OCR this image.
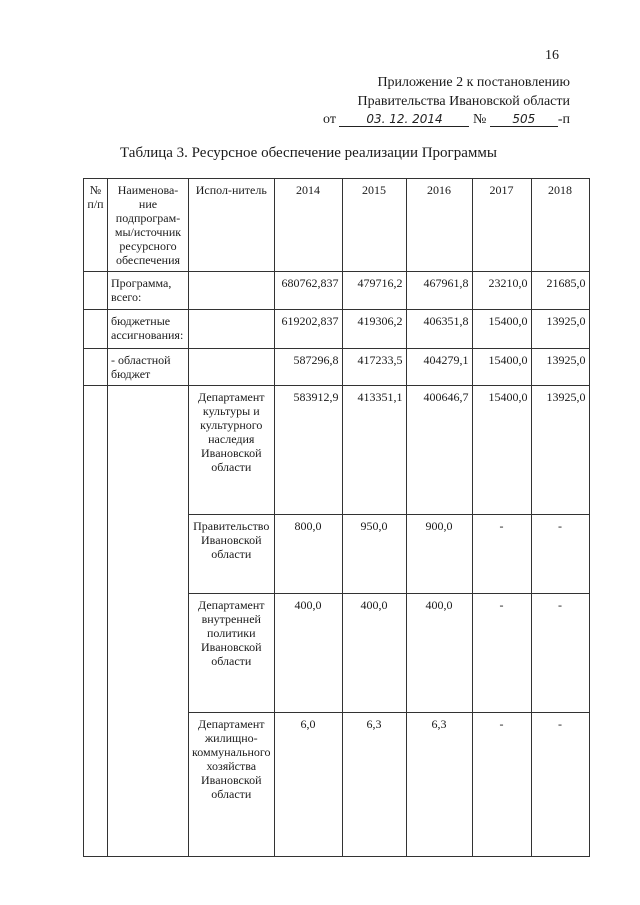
16
Приложение 2 к постановлению
Правительства Ивановской области
от	03. 12. 2014 № 505 -п
Таблица 3. Ресурсное обеспечение реализации Программы
№ п/п	Наименова-ние подпрограм-мы/источник ресурсного обеспечения	Испол-нитель	2014	2015	2016	2017	2018
	Программа, всего:		680762,837	479716,2	467961,8	23210,0	21685,0
	бюджетные ассигнования:		619202,837	419306,2	406351,8	15400,0	13925,0
	- областной бюджет		587296,8	417233,5	404279,1	15400,0	13925,0
		Департамент культуры и культурного наследия Ивановской области	583912,9	413351,1	400646,7	15400,0	13925,0
		Правительство Ивановской области	800,0	950,0	900,0	-	-
		Департамент внутренней политики Ивановской области	400,0	400,0	400,0	-	-
		Департамент жилищно-коммунального хозяйства Ивановской области	6,0	6,3	6,3	-	-
